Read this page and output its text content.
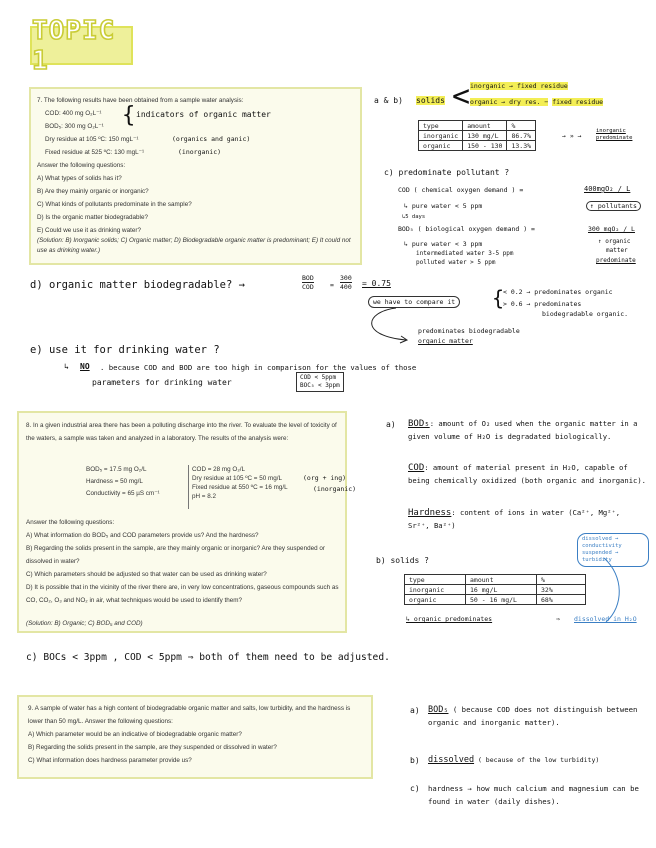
TOPIC 1
7. The following results have been obtained from a sample water analysis:
COD: 400 mg O₂L⁻¹
BOD₅: 300 mg O₂L⁻¹
Dry residue at 105 ºC: 150 mgL⁻¹
Fixed residue at 525 ºC: 130 mgL⁻¹
{ indicators of organic matter
(organics and ganic)
(inorganic)
Answer the following questions:
A) What types of solids has it?
B) Are they mainly organic or inorganic?
C) What kinds of pollutants predominate in the sample?
D) Is the organic matter biodegradable?
E) Could we use it as drinking water?
(Solution: B) Inorganic solids; C) Organic matter; D) Biodegradable organic matter is predominant; E) It could not use as drinking water.)
a & b) solids < inorganic → fixed residue
organic → dry res. − fixed residue
type	amount	%
inorganic	130 mg/L	86.7%
organic	150 - 130	13.3%
→ » →
inorganic predominate
c) predominate pollutant ?
COD ( chemical oxygen demand ) =	400mgO₂ / L
↳ pure water < 5 ppm	↑ pollutants
↳5 days
BOD₅ ( biological oxygen demand ) =	300 mgO₂ / L
↳ pure water < 3 ppm
intermediated water 3-5 ppm
polluted water > 5 ppm
↑ organic
matter
predominate
d) organic matter biodegradable? →
BOD
COD	= $\frac{300}{400} = 0.75$
we have to compare it {
< 0.2 → predominates organic
> 0.6 → predominates
biodegradable organic.
predominates biodegradable
organic matter
e) use it for drinking water ?
↳ NO . because COD and BOD are too high in comparison for the values of those
parameters for drinking water
COD < 5ppm
BOC₅ < 3ppm
8. In a given industrial area there has been a polluting discharge into the river. To evaluate the level of toxicity of the waters, a sample was taken and analyzed in a laboratory. The results of the analysis were:
BOD₅ = 17.5 mg O₂/L
Hardness = 50 mg/L
Conductivity = 65 µS cm⁻¹
COD = 28 mg O₂/L
Dry residue at 105 ºC = 50 mg/L
Fixed residue at 550 ºC = 16 mg/L
pH = 8.2
(org + ing)
(inorganic)
Answer the following questions:
A) What information do BOD₅ and COD parameters provide us? And the hardness?
B) Regarding the solids present in the sample, are they mainly organic or inorganic? Are they suspended or dissolved in water?
C) Which parameters should be adjusted so that water can be used as drinking water?
D) It is possible that in the vicinity of the river there are, in very low concentrations, gaseous compounds such as CO, CO₂, O₃ and NO₂ in air, what techniques would be used to identify them?
(Solution: B) Organic; C) BOD₅ and COD)
a) BOD₅: amount of O₂ used when the organic matter in a given volume of H₂O is degradated biologically.
COD: amount of material present in H₂O, capable of being chemically oxidized (both organic and inorganic).
Hardness: content of ions in water (Ca²⁺, Mg²⁺, Sr²⁺, Ba²⁺)
dissolved → conductivity suspended → turbidity
b) solids ?
type	amount	%
inorganic	16 mg/L	32%
organic	50 - 16 mg/L	68%
↳ organic predominates	⇒ dissolved in H₂O
c) BOCs < 3ppm , COD < 5ppm ⇒ both of them need to be adjusted.
9. A sample of water has a high content of biodegradable organic matter and salts, low turbidity, and the hardness is lower than 50 mg/L. Answer the following questions:
A) Which parameter would be an indicative of biodegradable organic matter?
B) Regarding the solids present in the sample, are they suspended or dissolved in water?
C) What information does hardness parameter provide us?
a) BOD₅ ( because COD does not distinguish between organic and inorganic matter).
b) dissolved ( because of the low turbidity)
c) hardness → how much calcium and magnesium can be found in water (daily dishes).
